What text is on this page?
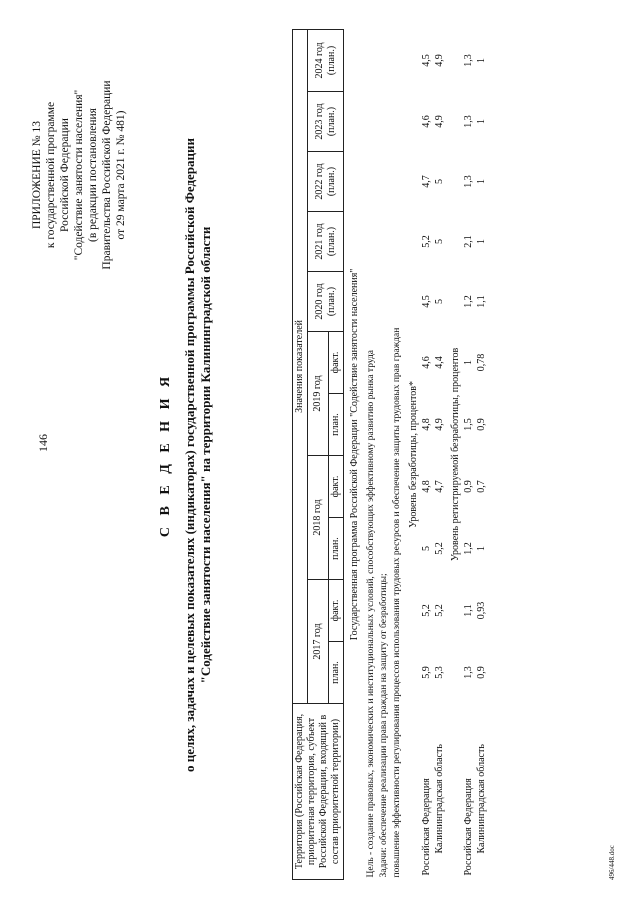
146
ПРИЛОЖЕНИЕ № 13 к государственной программе Российской Федерации "Содействие занятости населения" (в редакции постановления Правительства Российской Федерации от 29 марта 2021 г. № 481)
С В Е Д Е Н И Я о целях, задачах и целевых показателях (индикаторах) государственной программы Российской Федерации "Содействие занятости населения" на территории Калининградской области
Территория (Российская Федерация, приоритетная территория, субъект Российской Федерации, входящий в состав приоритетной территории)	Значения показателей										
	2017 год		2018 год		2019 год		2020 год (план.)	2021 год (план.)	2022 год (план.)	2023 год (план.)	2024 год (план.)
	план.	факт.	план.	факт.	план.	факт.					
Государственная программа Российской Федерации "Содействие занятости населения"											
Цель - создание правовых, экономических и институциональных условий, способствующих эффективному развитию рынка труда											
Задачи: обеспечение реализации права граждан на защиту от безработицы;											
повышение эффективности регулирования процессов использования трудовых ресурсов и обеспечение защиты трудовых прав граждан											
Уровень безработицы, процентов*											
Российская Федерация	5,9	5,2	5	4,8	4,8	4,6	4,5	5,2	4,7	4,6	4,5
Калининградская область	5,3	5,2	5,2	4,7	4,9	4,4	5	5	5	4,9	4,9
Уровень регистрируемой безработицы, процентов											
Российская Федерация	1,3	1,1	1,2	0,9	1,5	1	1,2	2,1	1,3	1,3	1,3
Калининградская область	0,9	0,93	1	0,7	0,9	0,78	1,1	1	1	1	1
496/448.doc
